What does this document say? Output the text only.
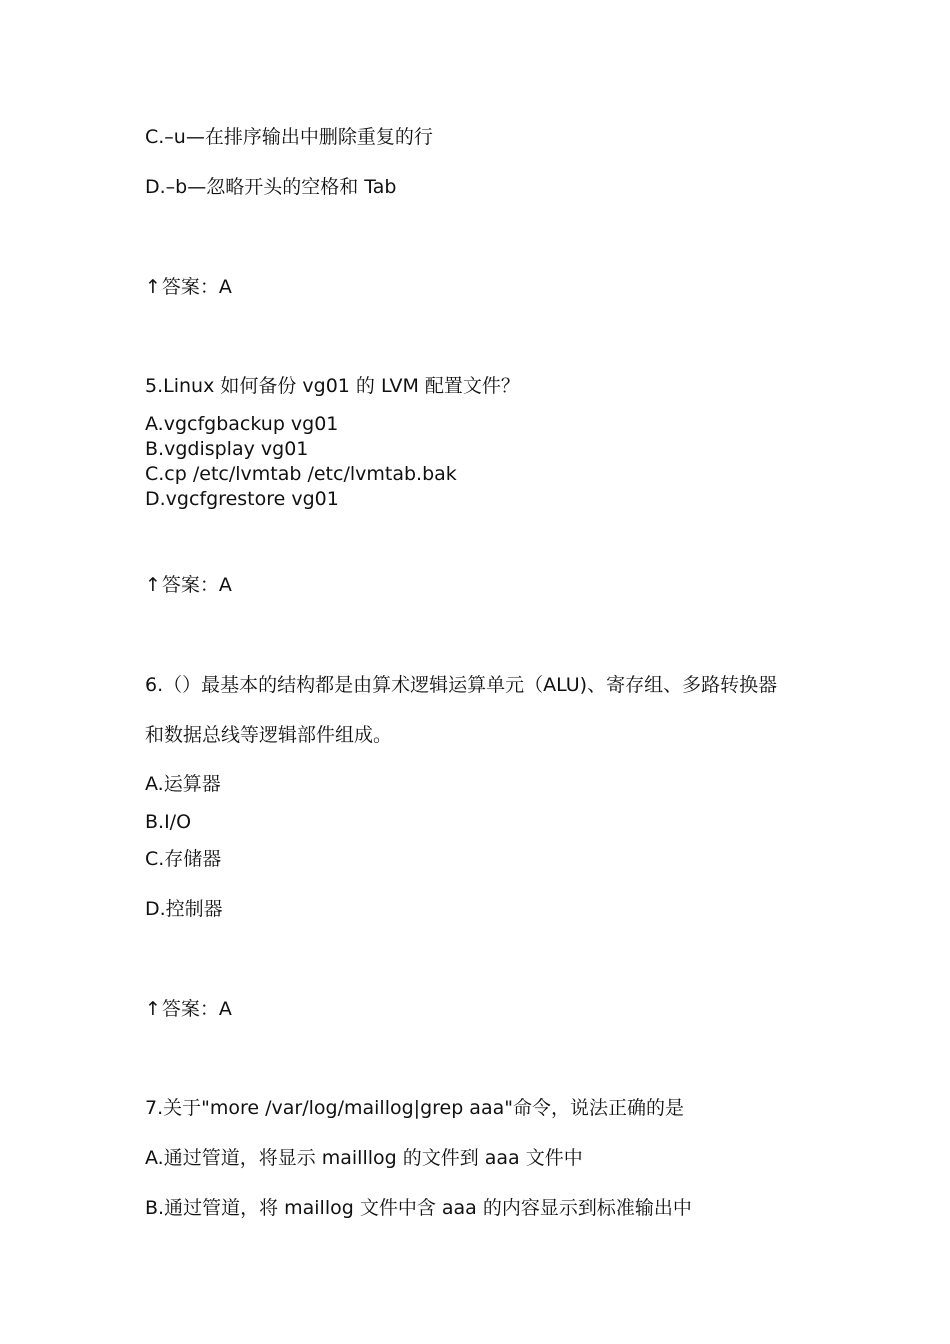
C.–u—在排序输出中删除重复的行
D.–b—忽略开头的空格和 Tab
↑答案：A
5.Linux 如何备份 vg01 的 LVM 配置文件？
A.vgcfgbackup vg01
B.vgdisplay vg01
C.cp /etc/lvmtab /etc/lvmtab.bak
D.vgcfgrestore vg01
↑答案：A
6.（）最基本的结构都是由算术逻辑运算单元（ALU)、寄存组、多路转换器
和数据总线等逻辑部件组成。
A.运算器
B.I/O
C.存储器
D.控制器
↑答案：A
7.关于"more /var/log/maillog|grep aaa"命令，说法正确的是
A.通过管道，将显示 mailllog 的文件到 aaa 文件中
B.通过管道，将 maillog 文件中含 aaa 的内容显示到标准输出中
